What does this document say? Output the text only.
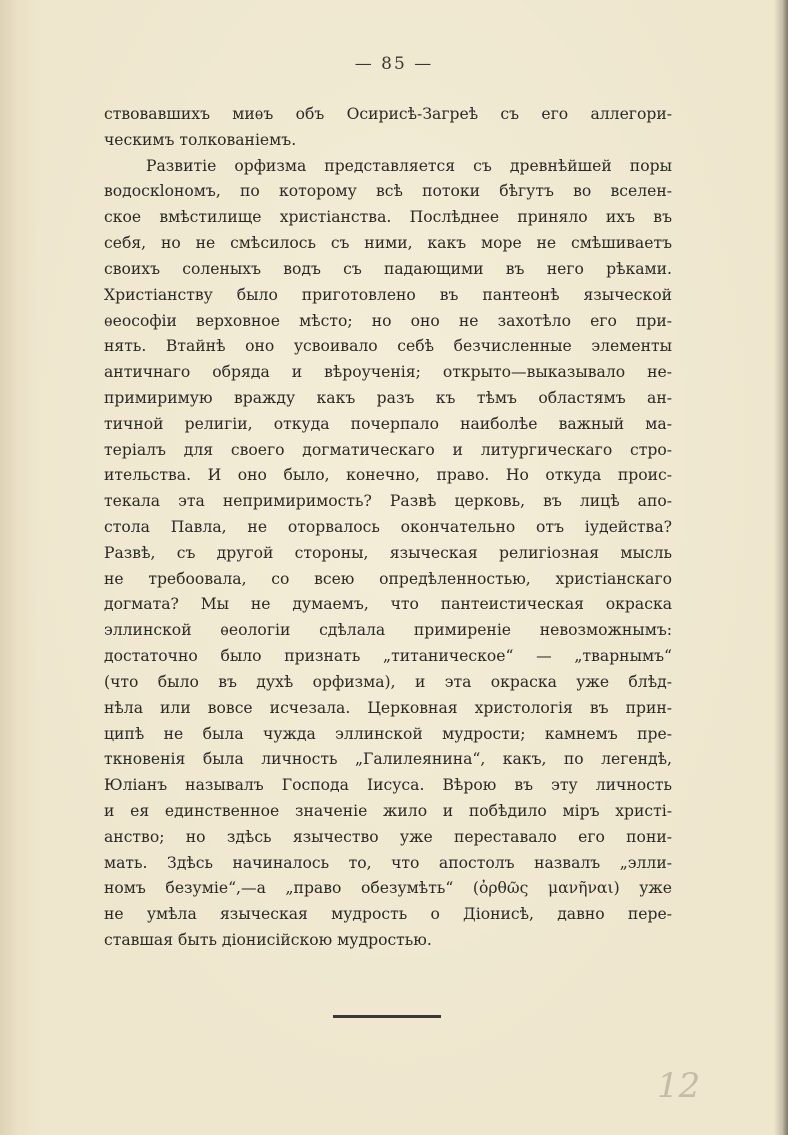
— 85 —
ствовавшихъ миѳъ объ Осирисѣ-Загреѣ съ его аллегори-
ческимъ толкованіемъ.
Развитіе орфизма представляется съ древнѣйшей поры
водоскlономъ, по которому всѣ потоки бѣгутъ во вселен-
ское вмѣстилище христіанства. Послѣднее приняло ихъ въ
себя, но не смѣсилось съ ними, какъ море не смѣшиваетъ
своихъ соленыхъ водъ съ падающими въ него рѣками.
Христіанству было приготовлено въ пантеонѣ языческой
ѳеософіи верховное мѣсто; но оно не захотѣло его при-
нять. Втайнѣ оно усвоивало себѣ безчисленные элементы
античнаго обряда и вѣроученія; открыто—выказывало не-
примиримую вражду какъ разъ къ тѣмъ областямъ ан-
тичной религіи, откуда почерпало наиболѣе важный ма-
теріалъ для своего догматическаго и литургическаго стро-
ительства. И оно было, конечно, право. Но откуда проис-
текала эта непримиримость? Развѣ церковь, въ лицѣ апо-
стола Павла, не оторвалось окончательно отъ іудейства?
Развѣ, съ другой стороны, языческая религіозная мысль
не требоовала, со всею опредѣленностью, христіанскаго
догмата? Мы не думаемъ, что пантеистическая окраска
эллинской ѳеологіи сдѣлала примиреніе невозможнымъ:
достаточно было признать „титаническое“ — „тварнымъ“
(что было въ духѣ орфизма), и эта окраска уже блѣд-
нѣла или вовсе исчезала. Церковная христологія въ прин-
ципѣ не была чужда эллинской мудрости; камнемъ пре-
ткновенія была личность „Галилеянина“, какъ, по легендѣ,
Юліанъ называлъ Господа Іисуса. Вѣрою въ эту личность
и ея единственное значеніе жило и побѣдило міръ христі-
анство; но здѣсь язычество уже переставало его пони-
мать. Здѣсь начиналось то, что апостолъ назвалъ „элли-
номъ безуміе“,—а „право обезумѣть“ (ὀρθῶς μανῆναι) уже
не умѣла языческая мудрость о Діонисѣ, давно пере-
ставшая быть діонисійскою мудростью.
12
